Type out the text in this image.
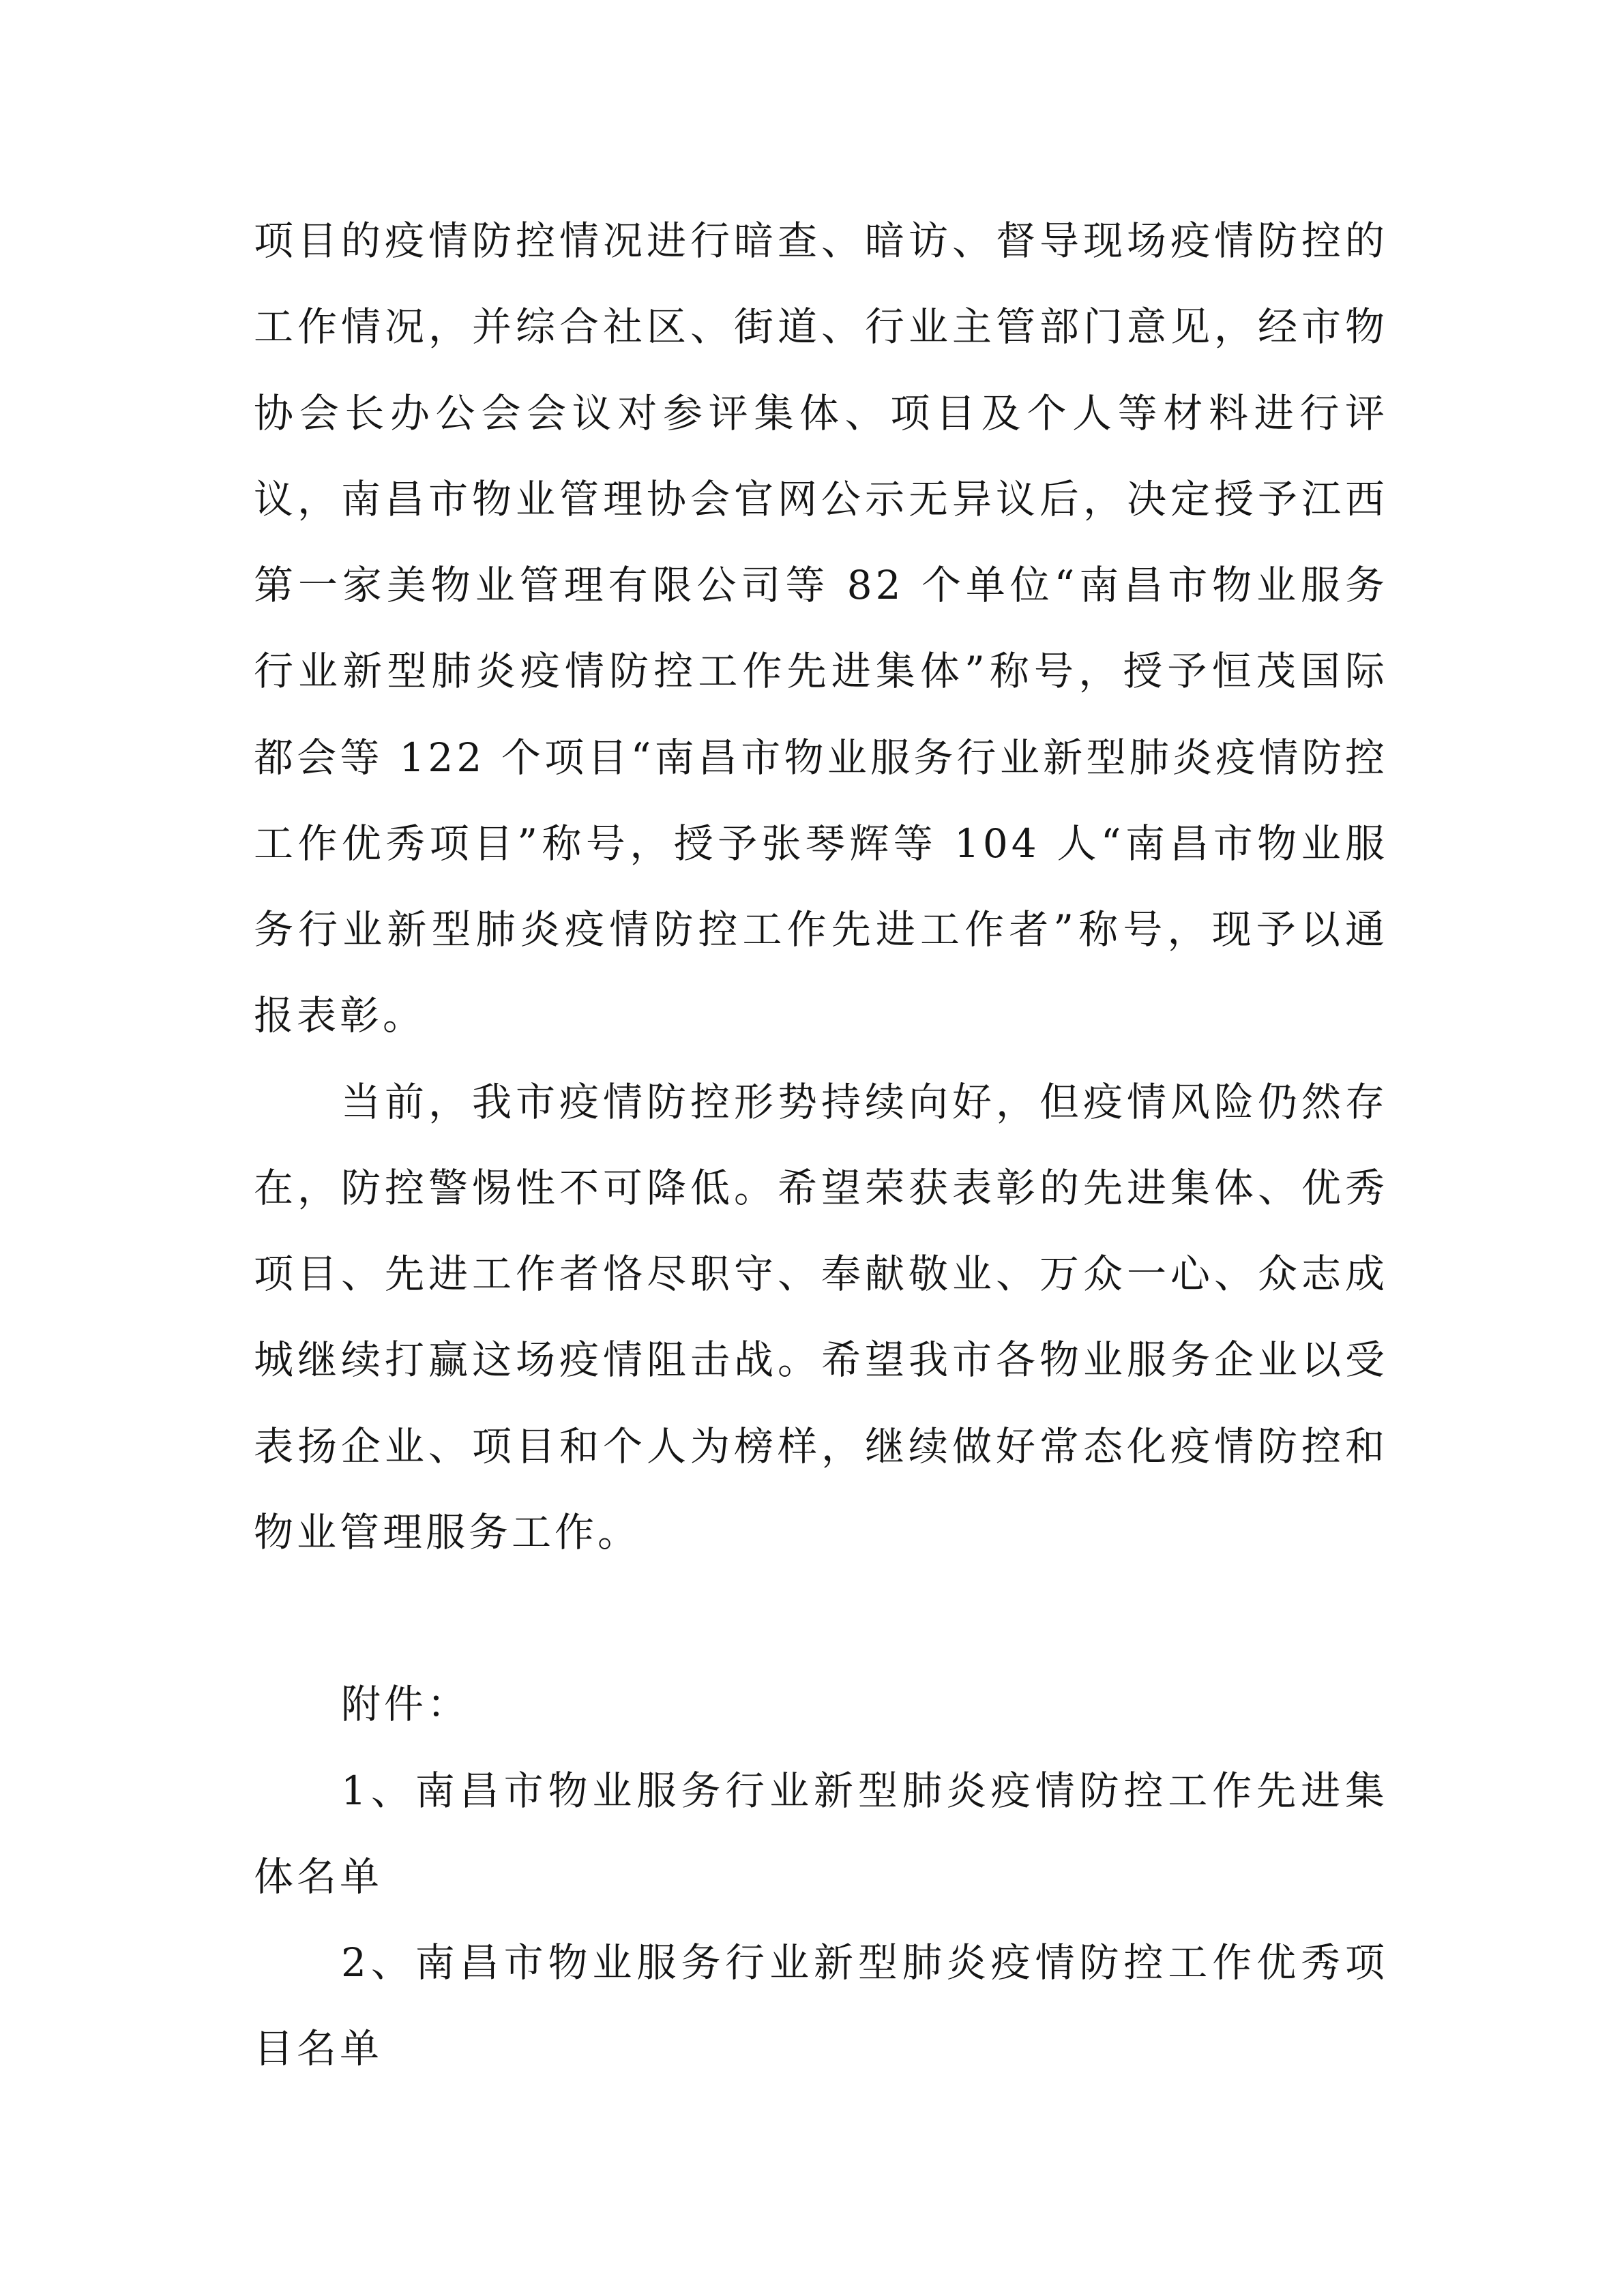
项目的疫情防控情况进行暗查、暗访、督导现场疫情防控的
工作情况，并综合社区、街道、行业主管部门意见，经市物
协会长办公会会议对参评集体、项目及个人等材料进行评
议，南昌市物业管理协会官网公示无异议后，决定授予江西
第一家美物业管理有限公司等 82 个单位“南昌市物业服务
行业新型肺炎疫情防控工作先进集体”称号，授予恒茂国际
都会等 122 个项目“南昌市物业服务行业新型肺炎疫情防控
工作优秀项目”称号，授予张琴辉等 104 人“南昌市物业服
务行业新型肺炎疫情防控工作先进工作者”称号，现予以通
报表彰。
当前，我市疫情防控形势持续向好，但疫情风险仍然存
在，防控警惕性不可降低。希望荣获表彰的先进集体、优秀
项目、先进工作者恪尽职守、奉献敬业、万众一心、众志成
城继续打赢这场疫情阻击战。希望我市各物业服务企业以受
表扬企业、项目和个人为榜样，继续做好常态化疫情防控和
物业管理服务工作。
附件：
1、南昌市物业服务行业新型肺炎疫情防控工作先进集
体名单
2、南昌市物业服务行业新型肺炎疫情防控工作优秀项
目名单
